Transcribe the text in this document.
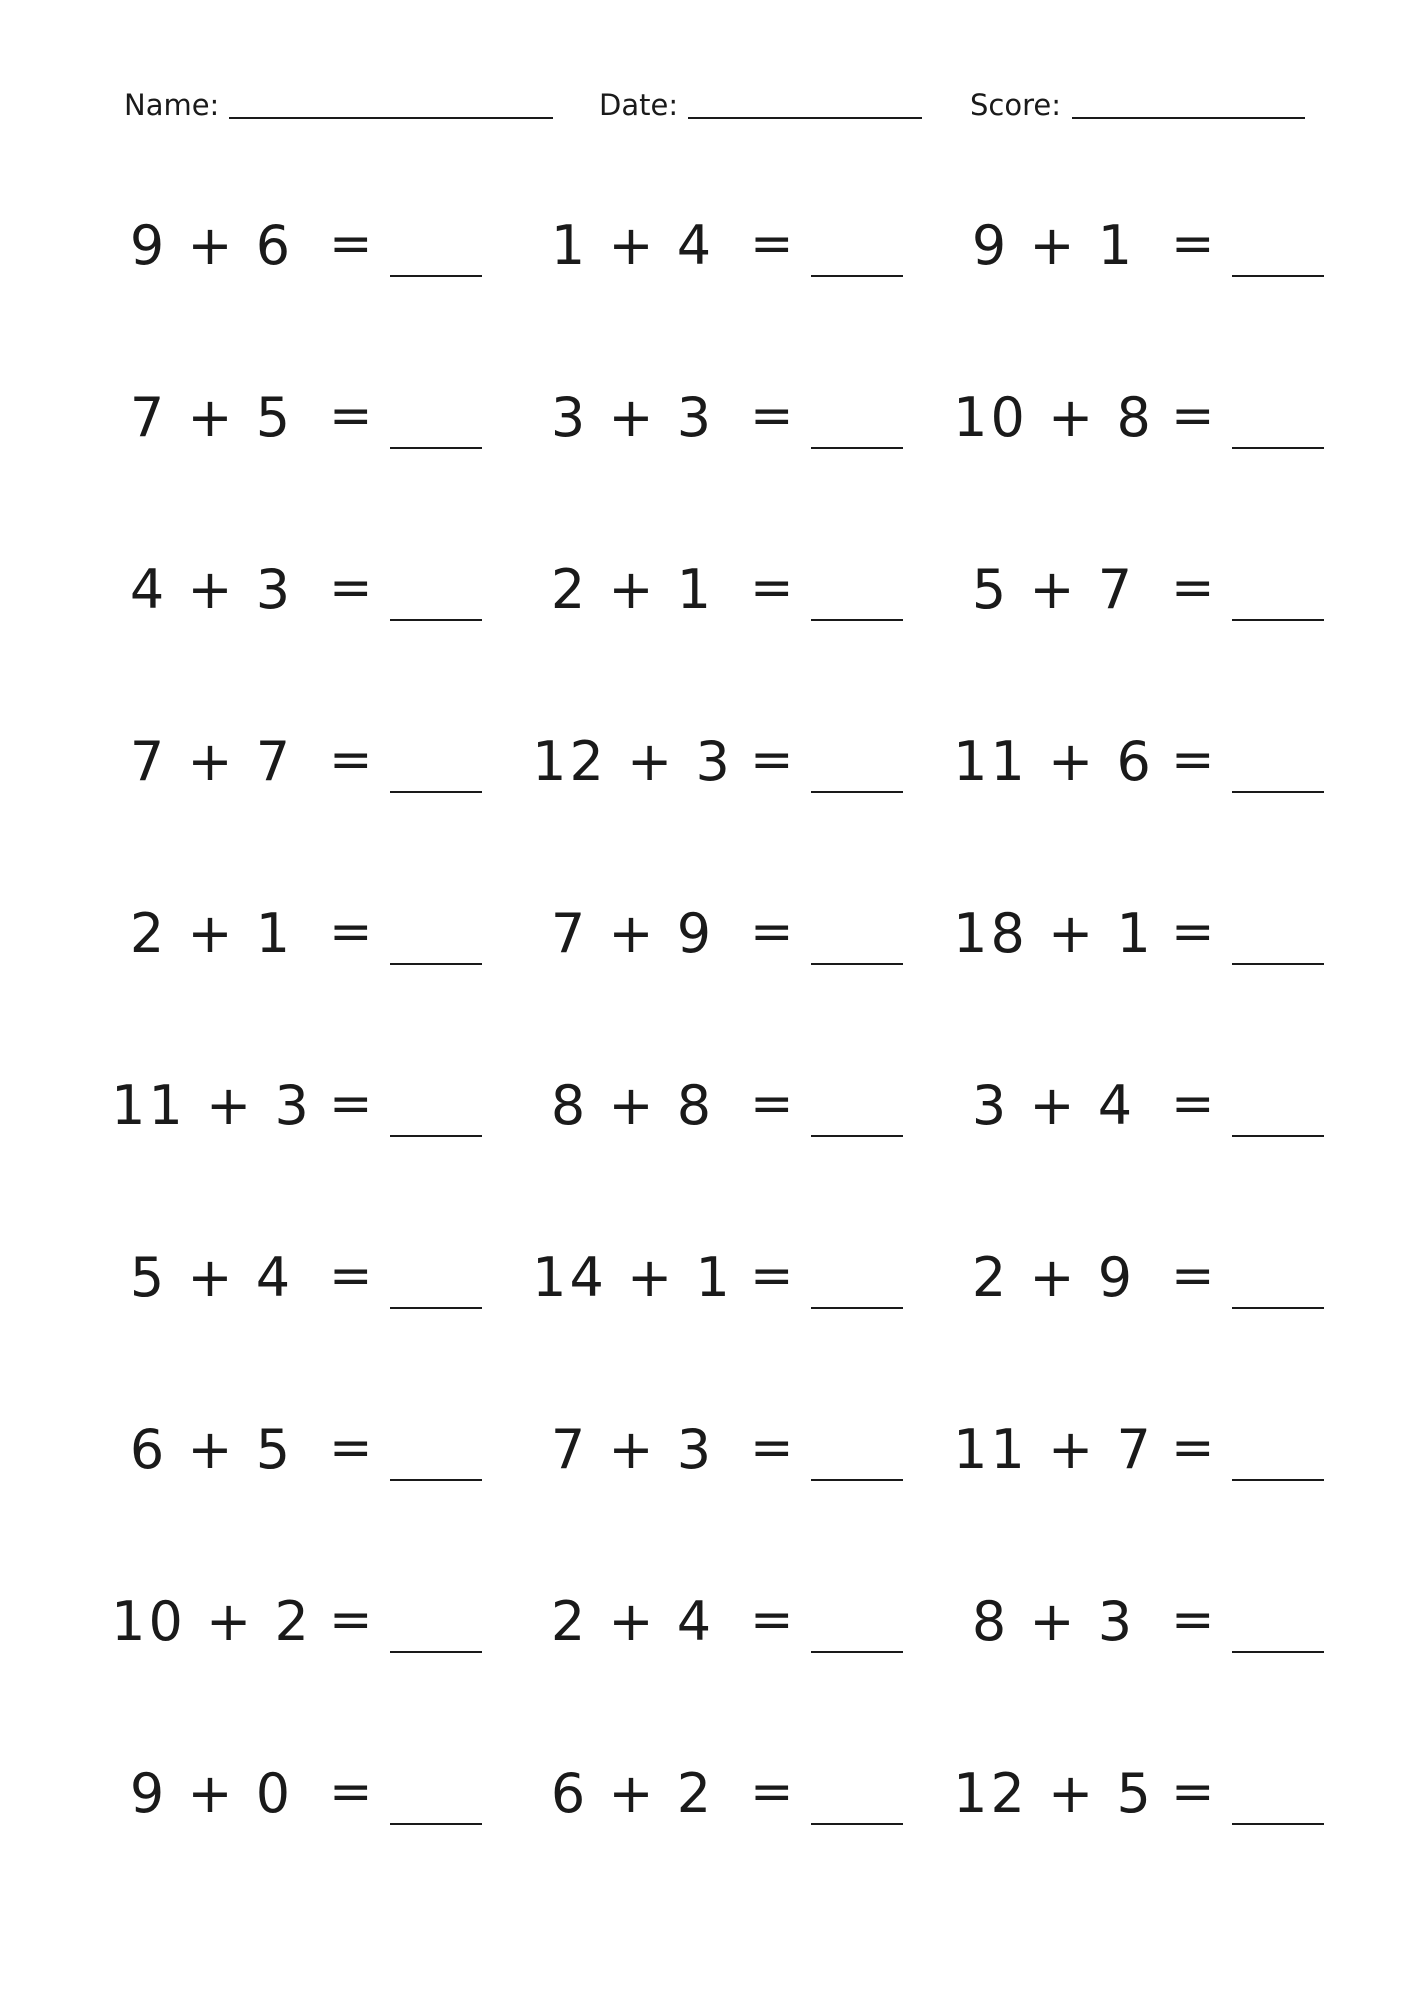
Name:	Date:	Score:
9 + 6 =	1 + 4 =	9 + 1 =
7 + 5 =	3 + 3 =	10 + 8 =
4 + 3 =	2 + 1 =	5 + 7 =
7 + 7 =	12 + 3 =	11 + 6 =
2 + 1 =	7 + 9 =	18 + 1 =
11 + 3 =	8 + 8 =	3 + 4 =
5 + 4 =	14 + 1 =	2 + 9 =
6 + 5 =	7 + 3 =	11 + 7 =
10 + 2 =	2 + 4 =	8 + 3 =
9 + 0 =	6 + 2 =	12 + 5 =
